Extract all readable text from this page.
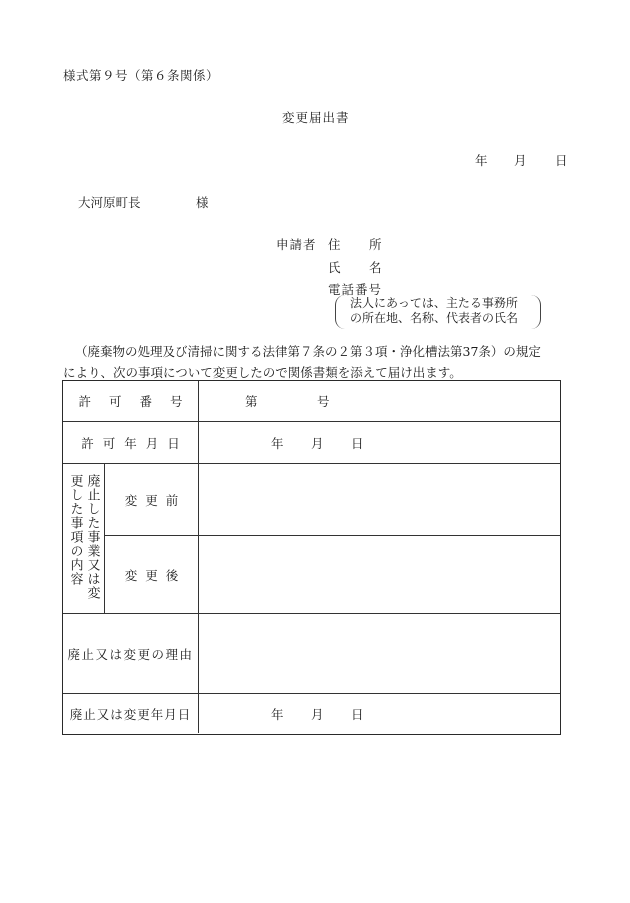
様式第９号（第６条関係）
変更届出書
年 月 日
大河原町長	様
申請者 住 所
氏 名
電話番号
法人にあっては、主たる事務所
の所在地、名称、代表者の氏名
（廃棄物の処理及び清掃に関する法律第７条の２第３項・浄化槽法第37条）の規定
により、次の事項について変更したので関係書類を添えて届け出ます。
許可番号	第	号
許可年月日	年 月 日
廃止した事業又は変更した事項の内容	変更前
変更後
廃止又は変更の理由
廃止又は変更年月日	年 月 日
